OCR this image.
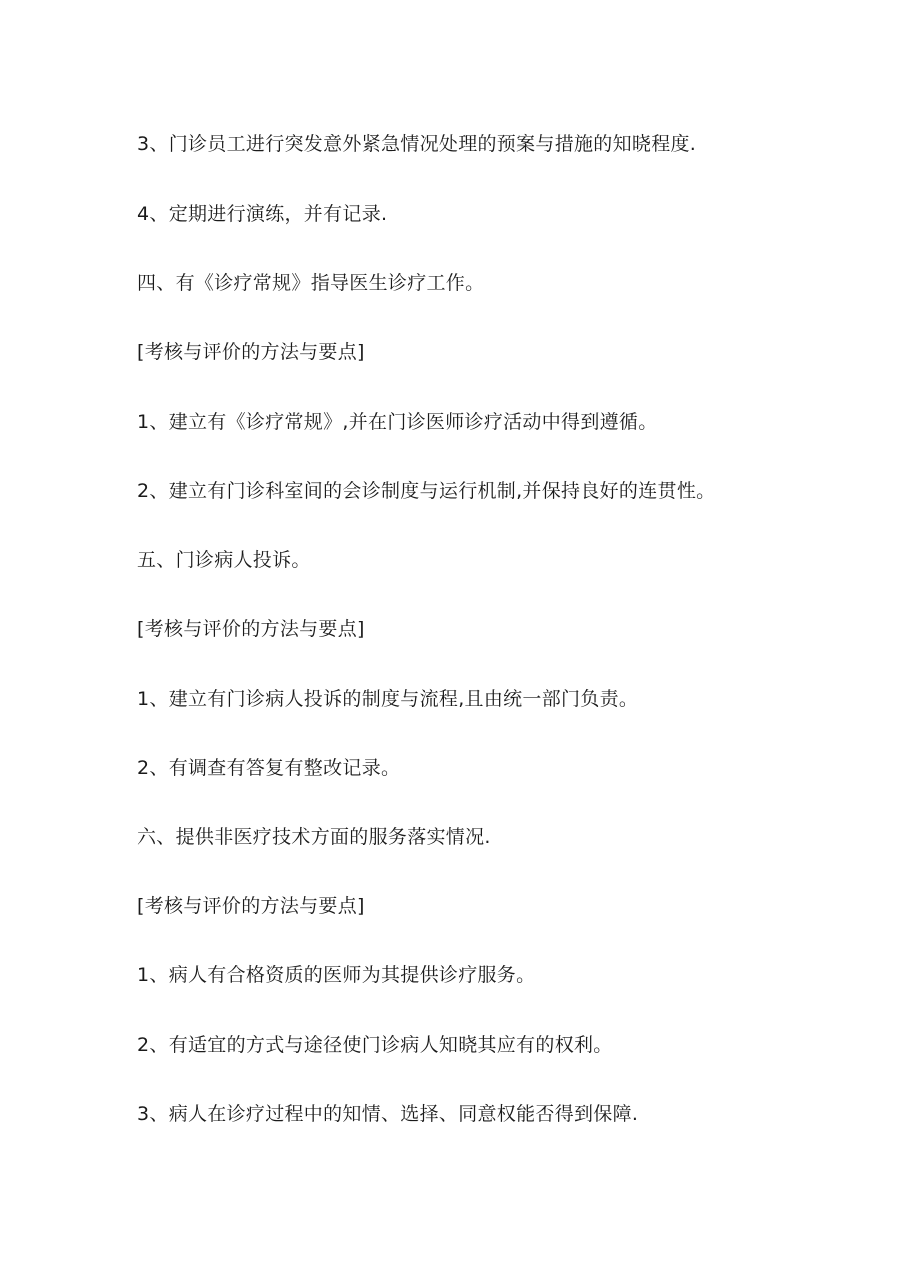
3、门诊员工进行突发意外紧急情况处理的预案与措施的知晓程度.
4、定期进行演练，并有记录.
四、有《诊疗常规》指导医生诊疗工作。
[考核与评价的方法与要点]
1、建立有《诊疗常规》,并在门诊医师诊疗活动中得到遵循。
2、建立有门诊科室间的会诊制度与运行机制,并保持良好的连贯性。
五、门诊病人投诉。
[考核与评价的方法与要点]
1、建立有门诊病人投诉的制度与流程,且由统一部门负责。
2、有调查有答复有整改记录。
六、提供非医疗技术方面的服务落实情况.
[考核与评价的方法与要点]
1、病人有合格资质的医师为其提供诊疗服务。
2、有适宜的方式与途径使门诊病人知晓其应有的权利。
3、病人在诊疗过程中的知情、选择、同意权能否得到保障.
